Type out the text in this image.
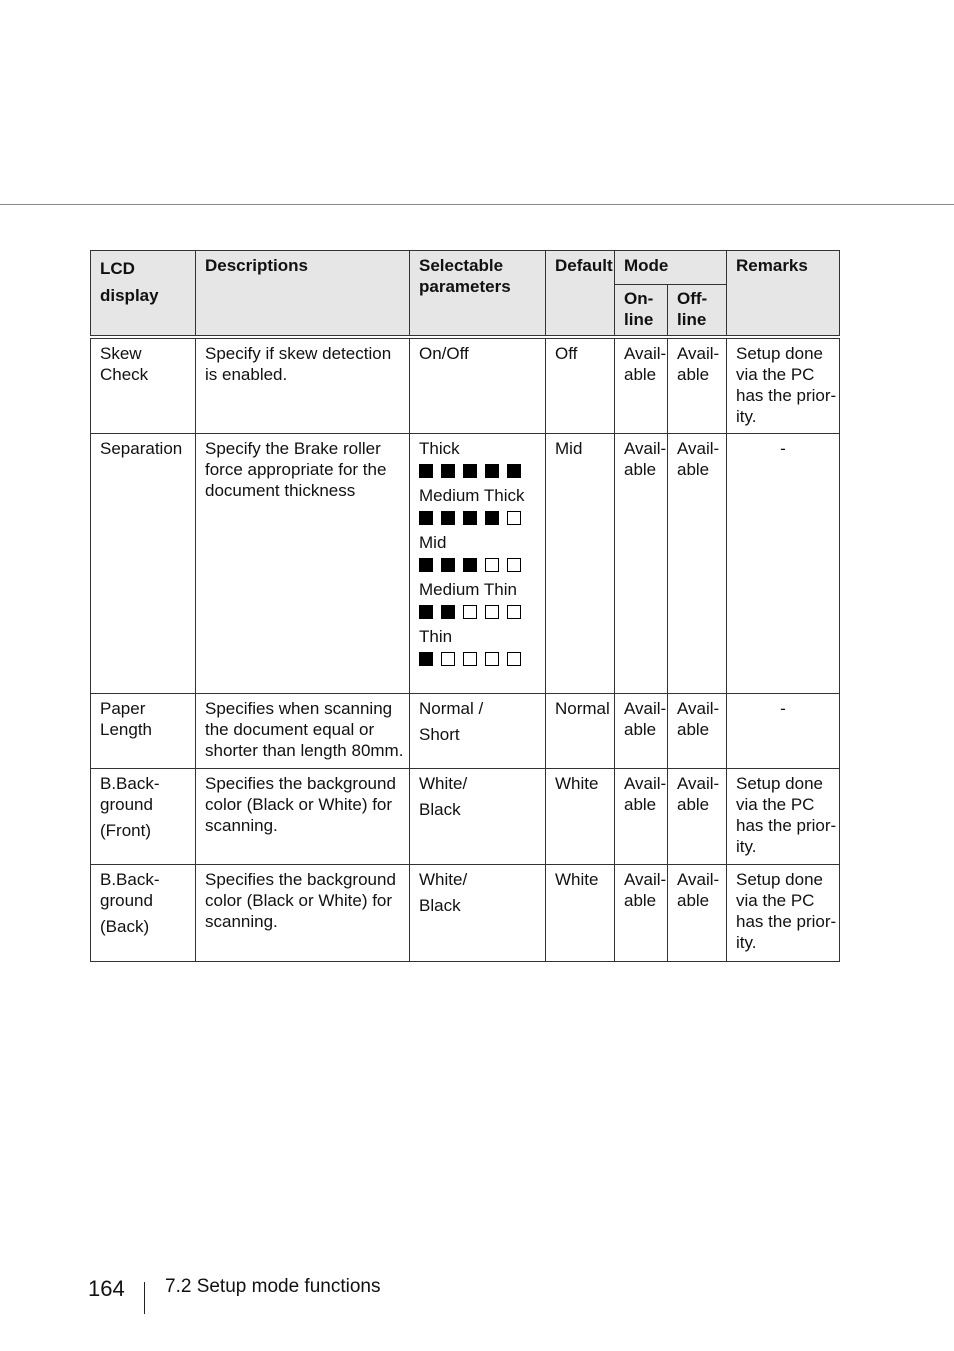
LCD
display	Descriptions	Selectable
parameters	Default	Mode		Remarks

				On-
line	Off-
line	

Skew
Check	Specify if skew detection
is enabled.	On/Off	Off	Avail-
able	Avail-
able	Setup done
via the PC
has the prior-
ity.

Separation	Specify the Brake roller
force appropriate for the
document thickness	Thick
Medium Thick
Mid
Medium Thin
Thin	Mid	Avail-
able	Avail-
able	-

Paper
Length	Specifies when scanning
the document equal or
shorter than length 80mm.	Normal /
Short	Normal	Avail-
able	Avail-
able	-

B.Back-
ground
(Front)	Specifies the background
color (Black or White) for
scanning.	White/
Black	White	Avail-
able	Avail-
able	Setup done
via the PC
has the prior-
ity.

B.Back-
ground
(Back)	Specifies the background
color (Black or White) for
scanning.	White/
Black	White	Avail-
able	Avail-
able	Setup done
via the PC
has the prior-
ity.
164	7.2 Setup mode functions
